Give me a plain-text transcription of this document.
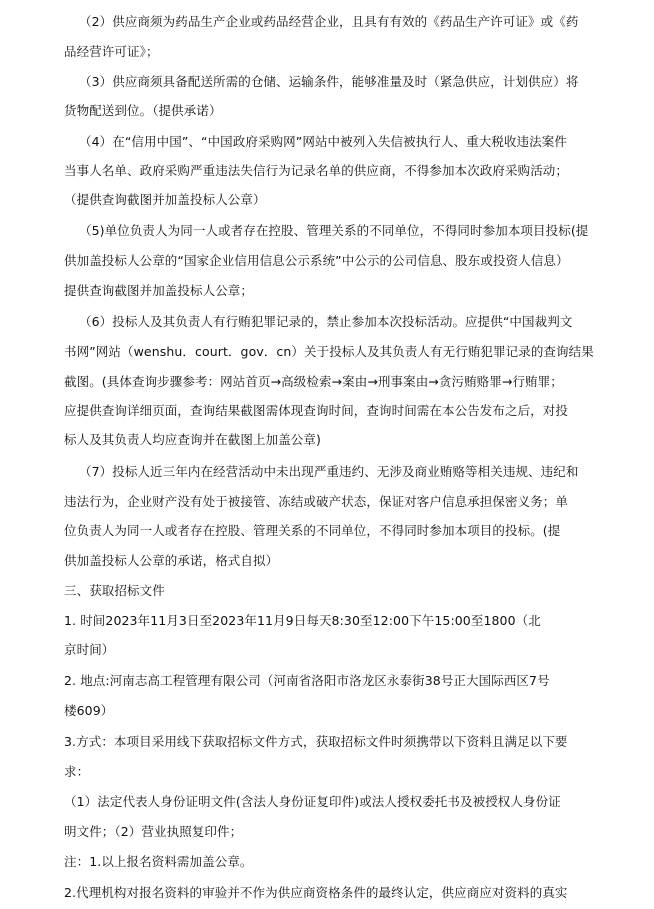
（2）供应商须为药品生产企业或药品经营企业，且具有有效的《药品生产许可证》或《药
品经营许可证》；
（3）供应商须具备配送所需的仓储、运输条件，能够准量及时（紧急供应，计划供应）将
货物配送到位。（提供承诺）
（4）在“信用中国”、“中国政府采购网”网站中被列入失信被执行人、重大税收违法案件
当事人名单、政府采购严重违法失信行为记录名单的供应商，不得参加本次政府采购活动；
（提供查询截图并加盖投标人公章）
（5)单位负责人为同一人或者存在控股、管理关系的不同单位，不得同时参加本项目投标(提
供加盖投标人公章的“国家企业信用信息公示系统”中公示的公司信息、股东或投资人信息）
提供查询截图并加盖投标人公章；
（6）投标人及其负责人有行贿犯罪记录的，禁止参加本次投标活动。应提供“中国裁判文
书网”网站（wenshu．court．gov．cn）关于投标人及其负责人有无行贿犯罪记录的查询结果
截图。(具体查询步骤参考：网站首页→高级检索→案由→刑事案由→贪污贿赂罪→行贿罪；
应提供查询详细页面，查询结果截图需体现查询时间，查询时间需在本公告发布之后，对投
标人及其负责人均应查询并在截图上加盖公章)
（7）投标人近三年内在经营活动中未出现严重违约、无涉及商业贿赂等相关违规、违纪和
违法行为，企业财产没有处于被接管、冻结或破产状态，保证对客户信息承担保密义务；单
位负责人为同一人或者存在控股、管理关系的不同单位，不得同时参加本项目的投标。(提
供加盖投标人公章的承诺，格式自拟）
三、获取招标文件
1. 时间2023年11月3日至2023年11月9日每天8:30至12:00下午15:00至1800（北
京时间）
2. 地点:河南志高工程管理有限公司（河南省洛阳市洛龙区永泰街38号正大国际西区7号
楼609）
3.方式：本项目采用线下获取招标文件方式，获取招标文件时须携带以下资料且满足以下要
求：
（1）法定代表人身份证明文件(含法人身份证复印件)或法人授权委托书及被授权人身份证
明文件；（2）营业执照复印件；
注：1.以上报名资料需加盖公章。
2.代理机构对报名资料的审验并不作为供应商资格条件的最终认定，供应商应对资料的真实
